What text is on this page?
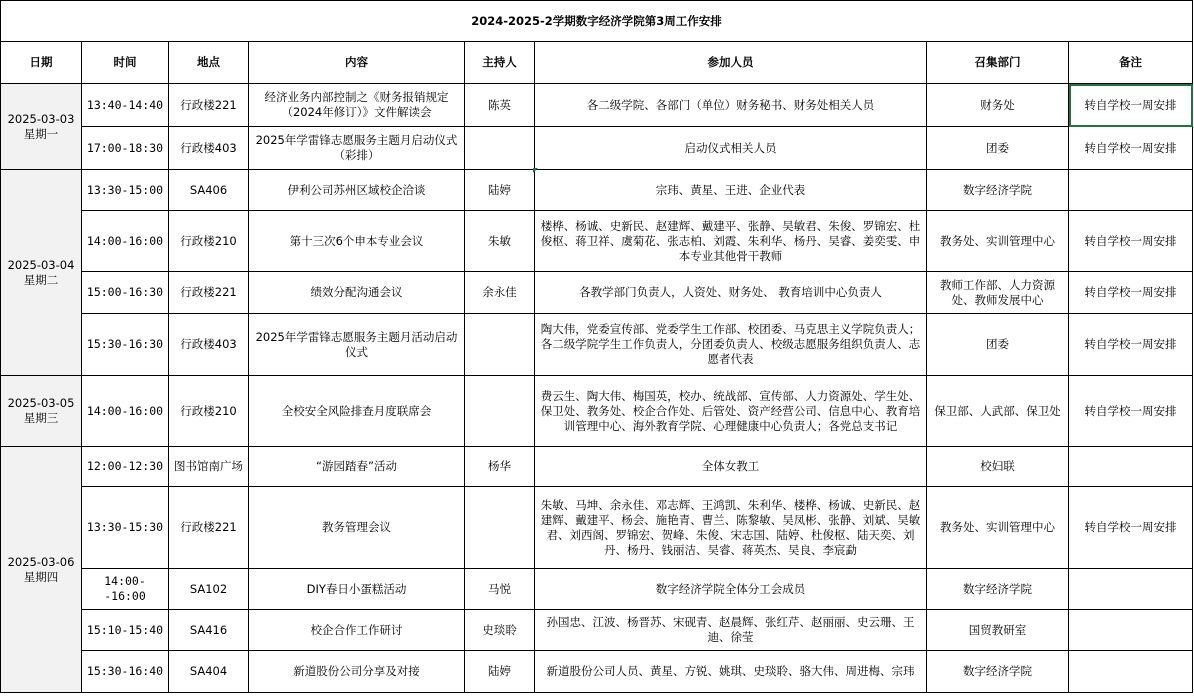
2024-2025-2学期数字经济学院第3周工作安排							
日期	时间	地点	内容	主持人	参加人员	召集部门	备注
2025-03-03
星期一	13:40-14:40	行政楼221	经济业务内部控制之《财务报销规定（2024年修订）》文件解读会	陈英	各二级学院、各部门（单位）财务秘书、财务处相关人员	财务处	转自学校一周安排
	17:00-18:30	行政楼403	2025年学雷锋志愿服务主题月启动仪式（彩排）		启动仪式相关人员	团委	转自学校一周安排
2025-03-04
星期二	13:30-15:00	SA406	伊利公司苏州区域校企洽谈	陆婷	宗玮、黄星、王进、企业代表	数字经济学院	
	14:00-16:00	行政楼210	第十三次6个申本专业会议	朱敏	楼桦、杨诚、史新民、赵建辉、戴建平、张静、吴敏君、朱俊、罗锦宏、杜俊枢、蒋卫祥、虞菊花、张志柏、刘霞、朱利华、杨丹、吴睿、姜奕雯、申本专业其他骨干教师	教务处、实训管理中心	转自学校一周安排
	15:00-16:30	行政楼221	绩效分配沟通会议	余永佳	各教学部门负责人，人资处、财务处、 教育培训中心负责人	教师工作部、人力资源处、教师发展中心	转自学校一周安排
	15:30-16:30	行政楼403	2025年学雷锋志愿服务主题月活动启动仪式		陶大伟，党委宣传部、党委学生工作部、校团委、马克思主义学院负责人；各二级学院学生工作负责人，分团委负责人、校级志愿服务组织负责人、志愿者代表	团委	转自学校一周安排
2025-03-05
星期三	14:00-16:00	行政楼210	全校安全风险排查月度联席会		费云生、陶大伟、梅国英，校办、统战部、宣传部、人力资源处、学生处、保卫处、教务处、校企合作处、后管处、资产经营公司、信息中心、教育培训管理中心、海外教育学院、心理健康中心负责人；各党总支书记	保卫部、人武部、保卫处	转自学校一周安排
2025-03-06
星期四	12:00-12:30	图书馆南广场	“游园踏春”活动	杨华	全体女教工	校妇联	
	13:30-15:30	行政楼221	教务管理会议		朱敏、马坤、余永佳、邓志辉、王鸿凯、朱利华、楼桦、杨诚、史新民、赵建辉、戴建平、杨会、施艳青、曹兰、陈黎敏、吴凤彬、张静、刘斌、吴敏君、刘西阁、罗锦宏、贺峰、朱俊、宋志国、陆婷、杜俊枢、陆天奕、刘丹、杨丹、钱丽洁、吴睿、蒋英杰、吴良、李宸勐	教务处、实训管理中心	转自学校一周安排
	14:00--16:00	SA102	DIY春日小蛋糕活动	马悦	数字经济学院全体分工会成员	数字经济学院	
	15:10-15:40	SA416	校企合作工作研讨	史琰聆	孙国忠、江波、杨晋苏、宋砚青、赵晨辉、张红芹、赵丽丽、史云珊、王迪、徐莹	国贸教研室	
	15:30-16:40	SA404	新道股份公司分享及对接	陆婷	新道股份公司人员、黄星、方锐、姚琪、史琰聆、骆大伟、周进梅、宗玮	数字经济学院	
